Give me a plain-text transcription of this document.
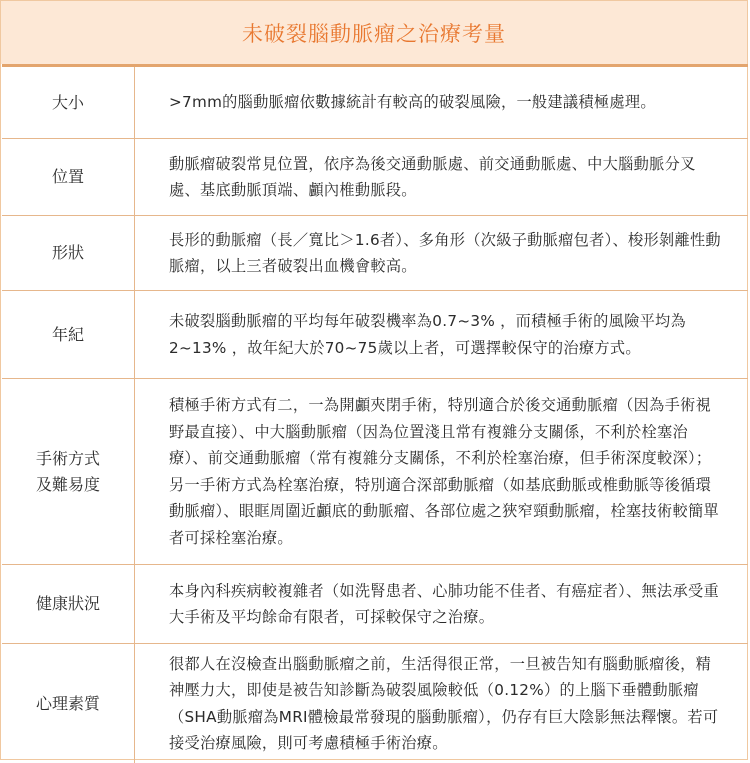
未破裂腦動脈瘤之治療考量
大小	>7mm的腦動脈瘤依數據統計有較高的破裂風險，一般建議積極處理。
位置
動脈瘤破裂常見位置，依序為後交通動脈處、前交通動脈處、中大腦動脈分叉處、基底動脈頂端、顱內椎動脈段。
形狀
長形的動脈瘤（長／寬比＞1.6者）、多角形（次級子動脈瘤包者）、梭形剝離性動脈瘤，以上三者破裂出血機會較高。
年紀
未破裂腦動脈瘤的平均每年破裂機率為0.7~3% ，而積極手術的風險平均為2~13% ，故年紀大於70~75歲以上者，可選擇較保守的治療方式。
手術方式
及難易度
積極手術方式有二，一為開顱夾閉手術，特別適合於後交通動脈瘤（因為手術視野最直接）、中大腦動脈瘤（因為位置淺且常有複雜分支關係，不利於栓塞治療）、前交通動脈瘤（常有複雜分支關係，不利於栓塞治療，但手術深度較深）；另一手術方式為栓塞治療，特別適合深部動脈瘤（如基底動脈或椎動脈等後循環動脈瘤）、眼眶周圍近顱底的動脈瘤、各部位處之狹窄頸動脈瘤，栓塞技術較簡單者可採栓塞治療。
健康狀況
本身內科疾病較複雜者（如洗腎患者、心肺功能不佳者、有癌症者）、無法承受重大手術及平均餘命有限者，可採較保守之治療。
心理素質
很都人在沒檢查出腦動脈瘤之前，生活得很正常，一旦被告知有腦動脈瘤後，精神壓力大，即使是被告知診斷為破裂風險較低（0.12%）的上腦下垂體動脈瘤（SHA動脈瘤為MRI體檢最常發現的腦動脈瘤），仍存有巨大陰影無法釋懷。若可接受治療風險，則可考慮積極手術治療。
